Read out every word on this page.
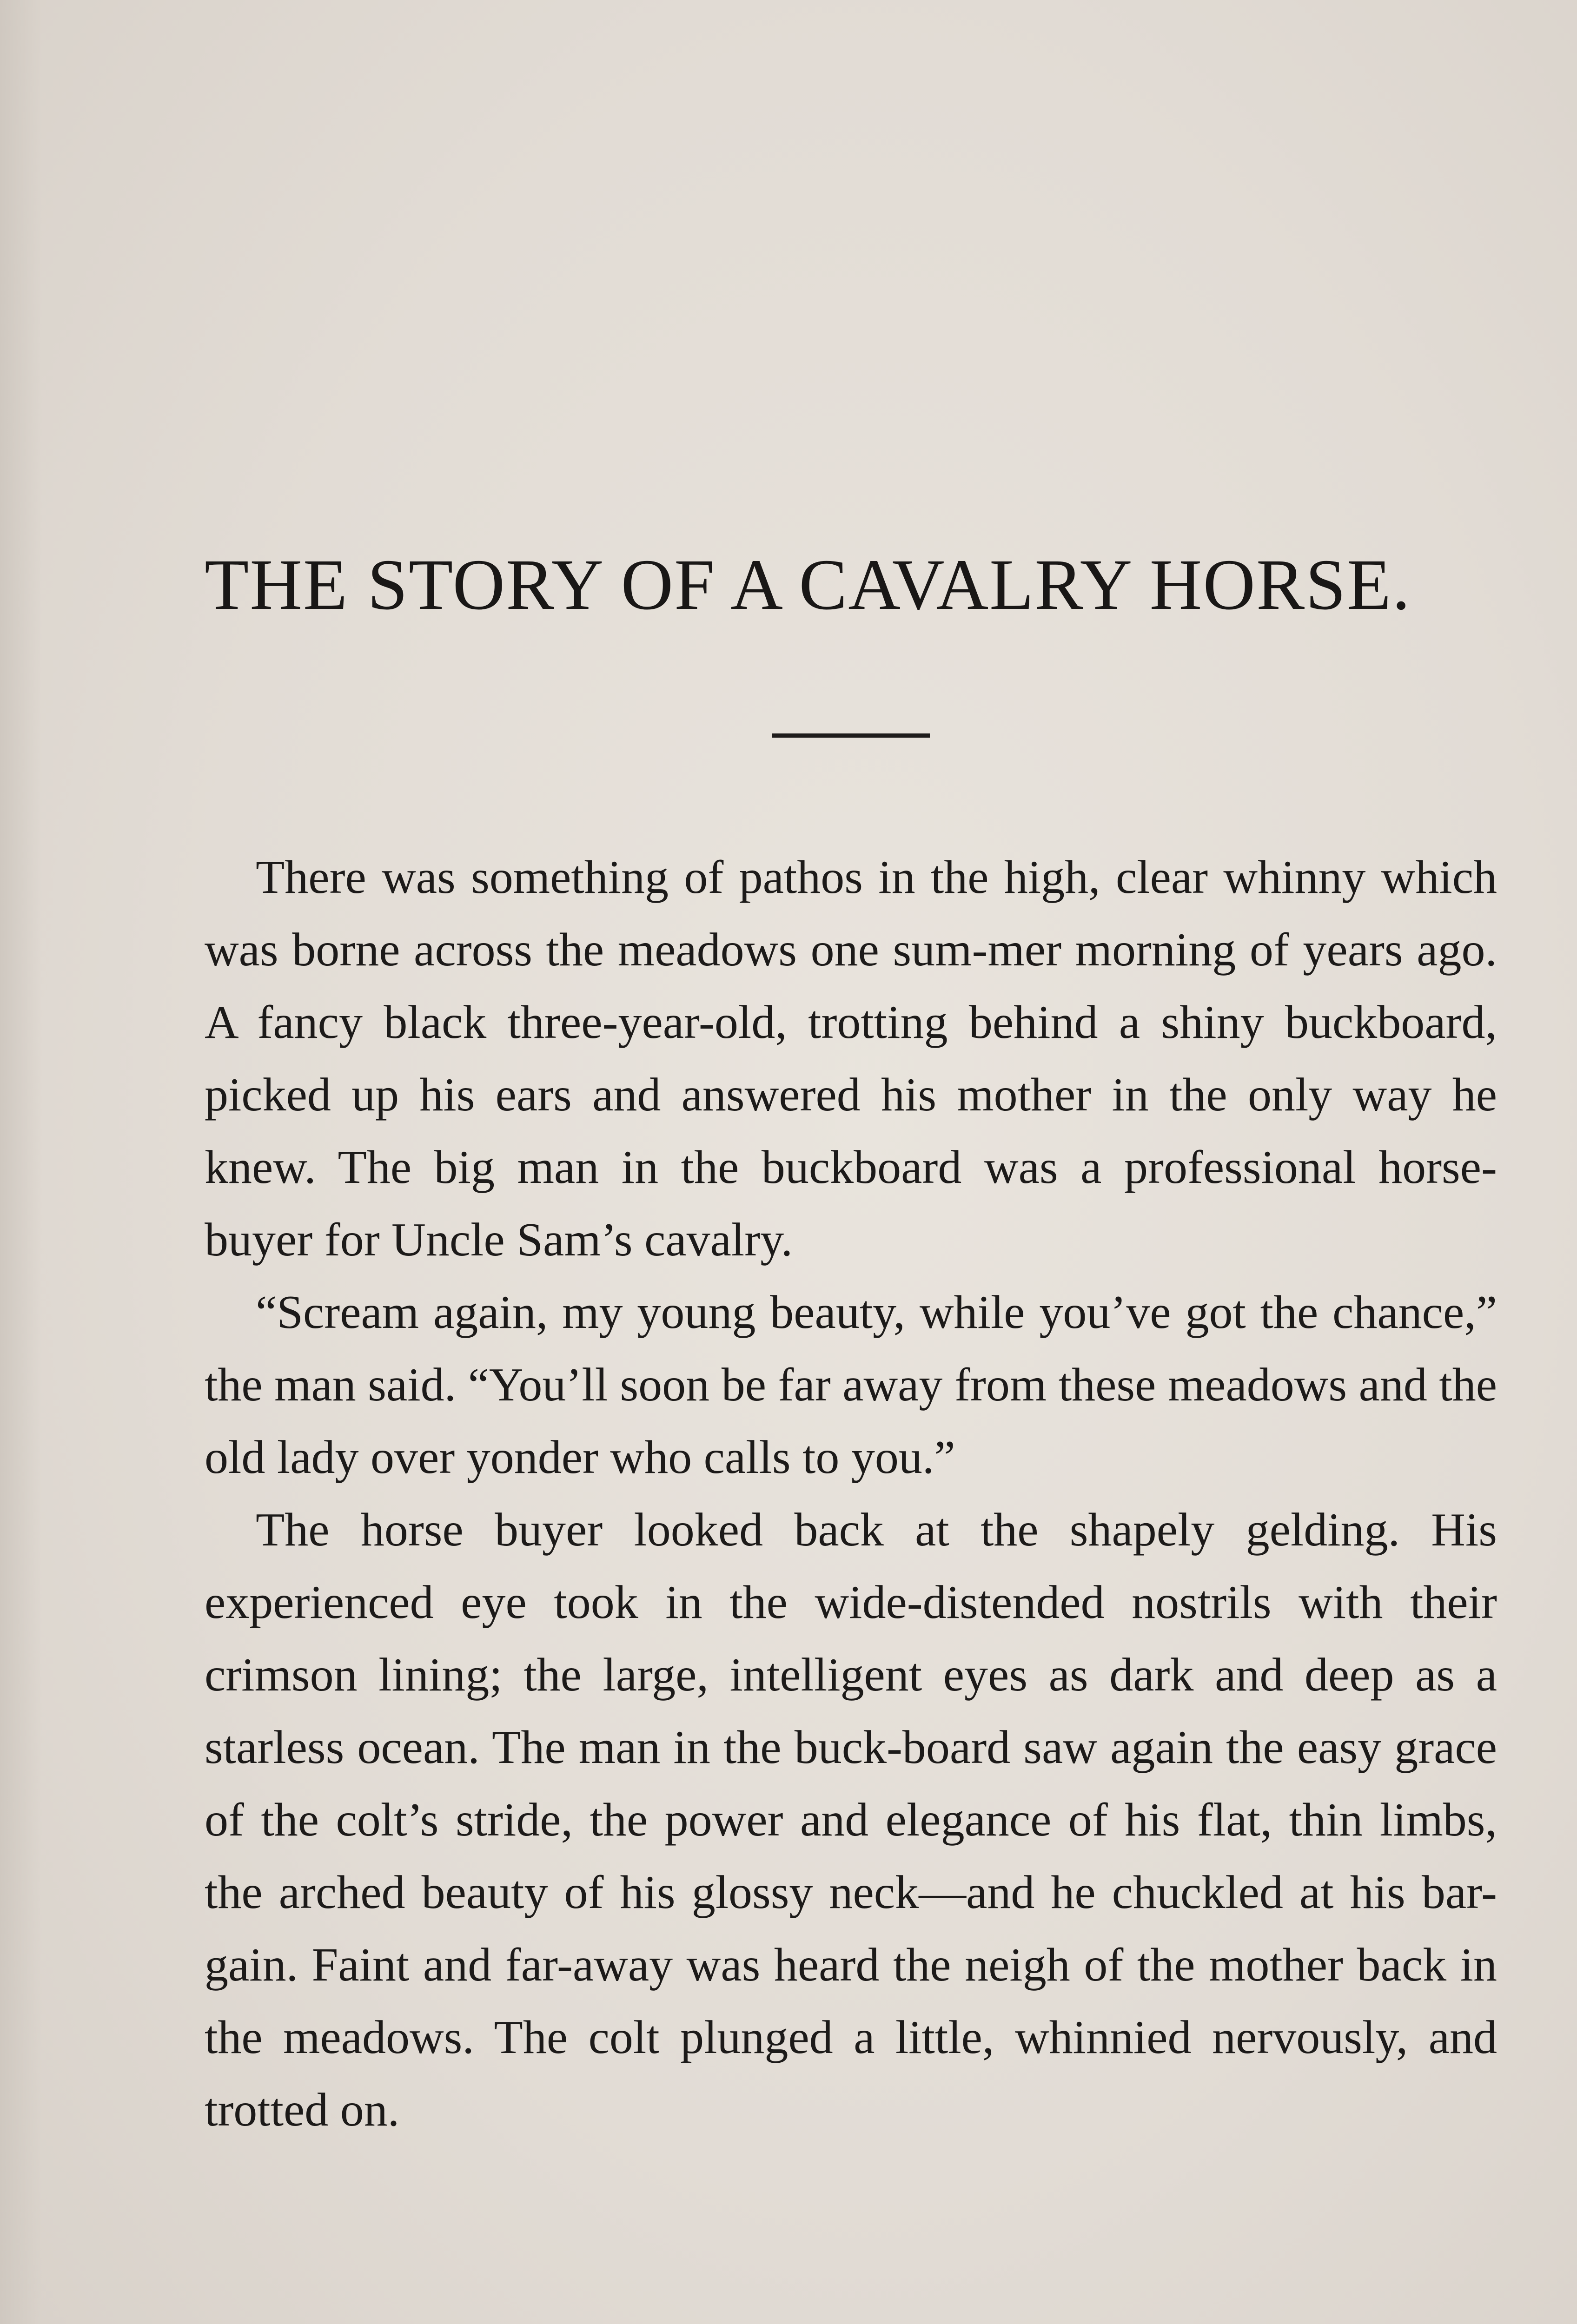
THE STORY OF A CAVALRY HORSE.

There was something of pathos in the high, clear whinny which was borne across the meadows one sum-mer morning of years ago. A fancy black three-year-old, trotting behind a shiny buckboard, picked up his ears and answered his mother in the only way he knew. The big man in the buckboard was a professional horse-buyer for Uncle Sam’s cavalry.

“Scream again, my young beauty, while you’ve got the chance,” the man said. “You’ll soon be far away from these meadows and the old lady over yonder who calls to you.”

The horse buyer looked back at the shapely gelding. His experienced eye took in the wide-distended nostrils with their crimson lining; the large, intelligent eyes as dark and deep as a starless ocean. The man in the buck-board saw again the easy grace of the colt’s stride, the power and elegance of his flat, thin limbs, the arched beauty of his glossy neck—and he chuckled at his bar-gain. Faint and far-away was heard the neigh of the mother back in the meadows. The colt plunged a little, whinnied nervously, and trotted on.
